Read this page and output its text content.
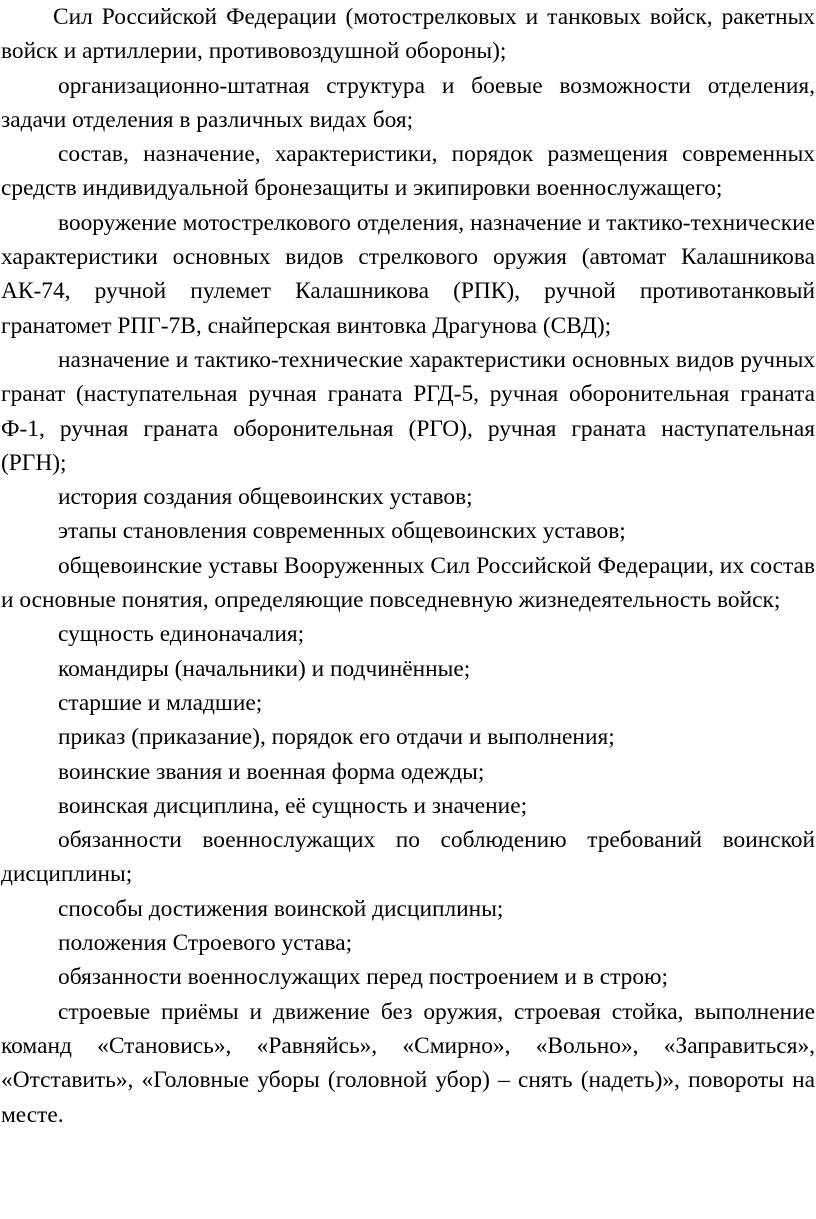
Сил Российской Федерации (мотострелковых и танковых войск, ракетных войск и артиллерии, противовоздушной обороны);

организационно-штатная структура и боевые возможности отделения, задачи отделения в различных видах боя;

состав, назначение, характеристики, порядок размещения современных средств индивидуальной бронезащиты и экипировки военнослужащего;

вооружение мотострелкового отделения, назначение и тактико-технические характеристики основных видов стрелкового оружия (автомат Калашникова АК-74, ручной пулемет Калашникова (РПК), ручной противотанковый гранатомет РПГ-7В, снайперская винтовка Драгунова (СВД);

назначение и тактико-технические характеристики основных видов ручных гранат (наступательная ручная граната РГД-5, ручная оборонительная граната Ф-1, ручная граната оборонительная (РГО), ручная граната наступательная (РГН);

история создания общевоинских уставов;

этапы становления современных общевоинских уставов;

общевоинские уставы Вооруженных Сил Российской Федерации, их состав и основные понятия, определяющие повседневную жизнедеятельность войск;

сущность единоначалия;

командиры (начальники) и подчинённые;

старшие и младшие;

приказ (приказание), порядок его отдачи и выполнения;

воинские звания и военная форма одежды;

воинская дисциплина, её сущность и значение;

обязанности военнослужащих по соблюдению требований воинской дисциплины;

способы достижения воинской дисциплины;

положения Строевого устава;

обязанности военнослужащих перед построением и в строю;

строевые приёмы и движение без оружия, строевая стойка, выполнение команд «Становись», «Равняйсь», «Смирно», «Вольно», «Заправиться», «Отставить», «Головные уборы (головной убор) – снять (надеть)», повороты на месте.
